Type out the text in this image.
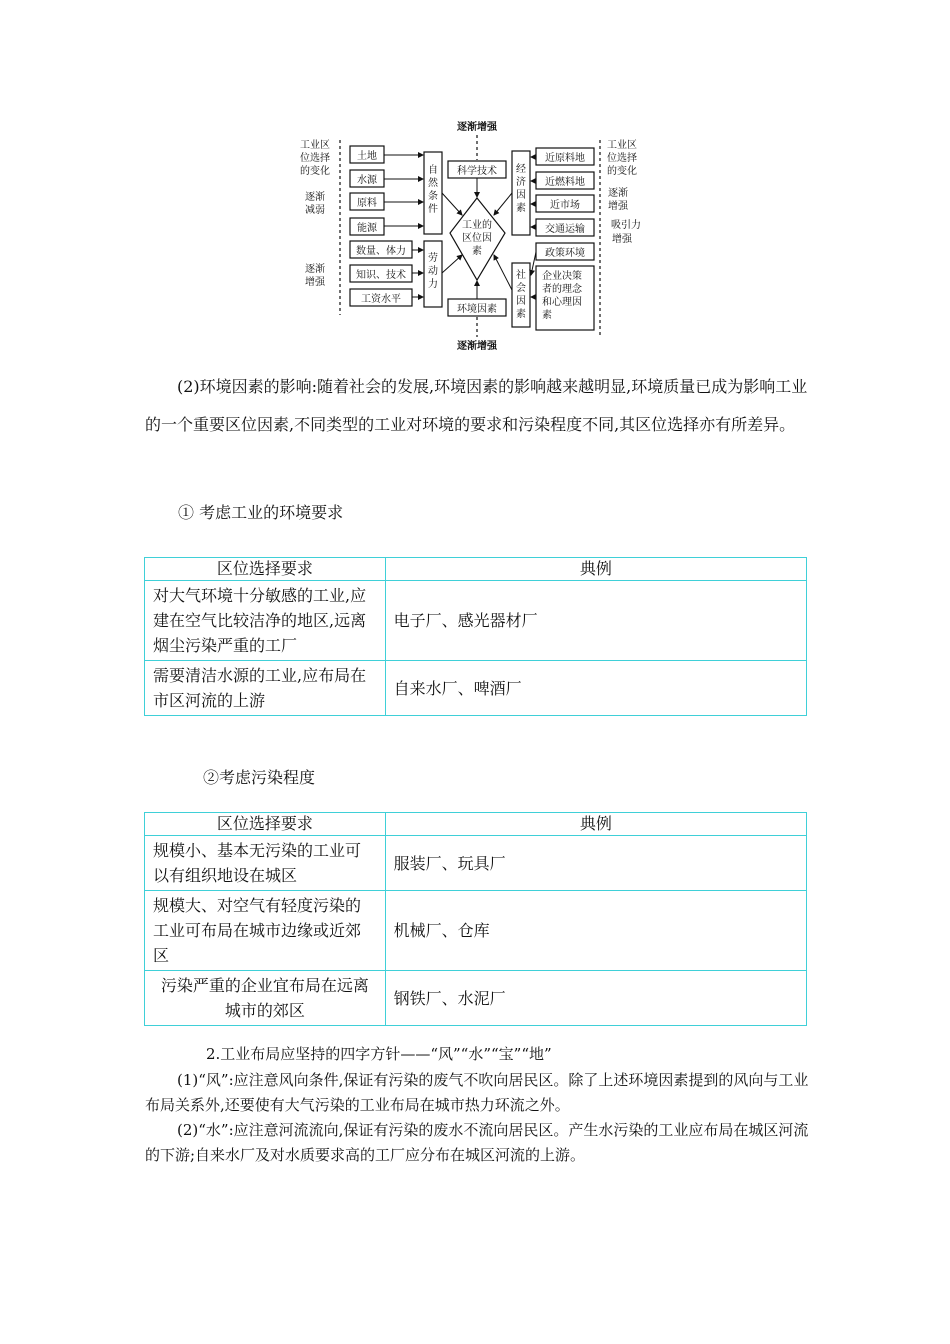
逐渐增强
逐渐增强
工业区
位选择
的变化
逐渐
减弱
逐渐
增强
工业区
位选择
的变化
逐渐
增强
吸引力
增强
土地
水源
原料
能源
数量、体力
知识、技术
工资水平
自
然
条
件
劳
动
力
科学技术
环境因素
工业的
区位因
素
经
济
因
素
社
会
因
素
近原料地
近燃料地
近市场
交通运输
政策环境
企业决策
者的理念
和心理因
素
(2)环境因素的影响:随着社会的发展,环境因素的影响越来越明显,环境质量已成为影响工业的一个重要区位因素,不同类型的工业对环境的要求和污染程度不同,其区位选择亦有所差异。
① 考虑工业的环境要求
区位选择要求	典例
对大气环境十分敏感的工业,应建在空气比较洁净的地区,远离烟尘污染严重的工厂	电子厂、感光器材厂
需要清洁水源的工业,应布局在市区河流的上游	自来水厂、啤酒厂
②考虑污染程度
区位选择要求	典例
规模小、基本无污染的工业可以有组织地设在城区	服装厂、玩具厂
规模大、对空气有轻度污染的工业可布局在城市边缘或近郊区	机械厂、仓库
污染严重的企业宜布局在远离城市的郊区	钢铁厂、水泥厂
2.工业布局应坚持的四字方针——“风”“水”“宝”“地”
(1)“风”:应注意风向条件,保证有污染的废气不吹向居民区。除了上述环境因素提到的风向与工业布局关系外,还要使有大气污染的工业布局在城市热力环流之外。
(2)“水”:应注意河流流向,保证有污染的废水不流向居民区。产生水污染的工业应布局在城区河流的下游;自来水厂及对水质要求高的工厂应分布在城区河流的上游。
